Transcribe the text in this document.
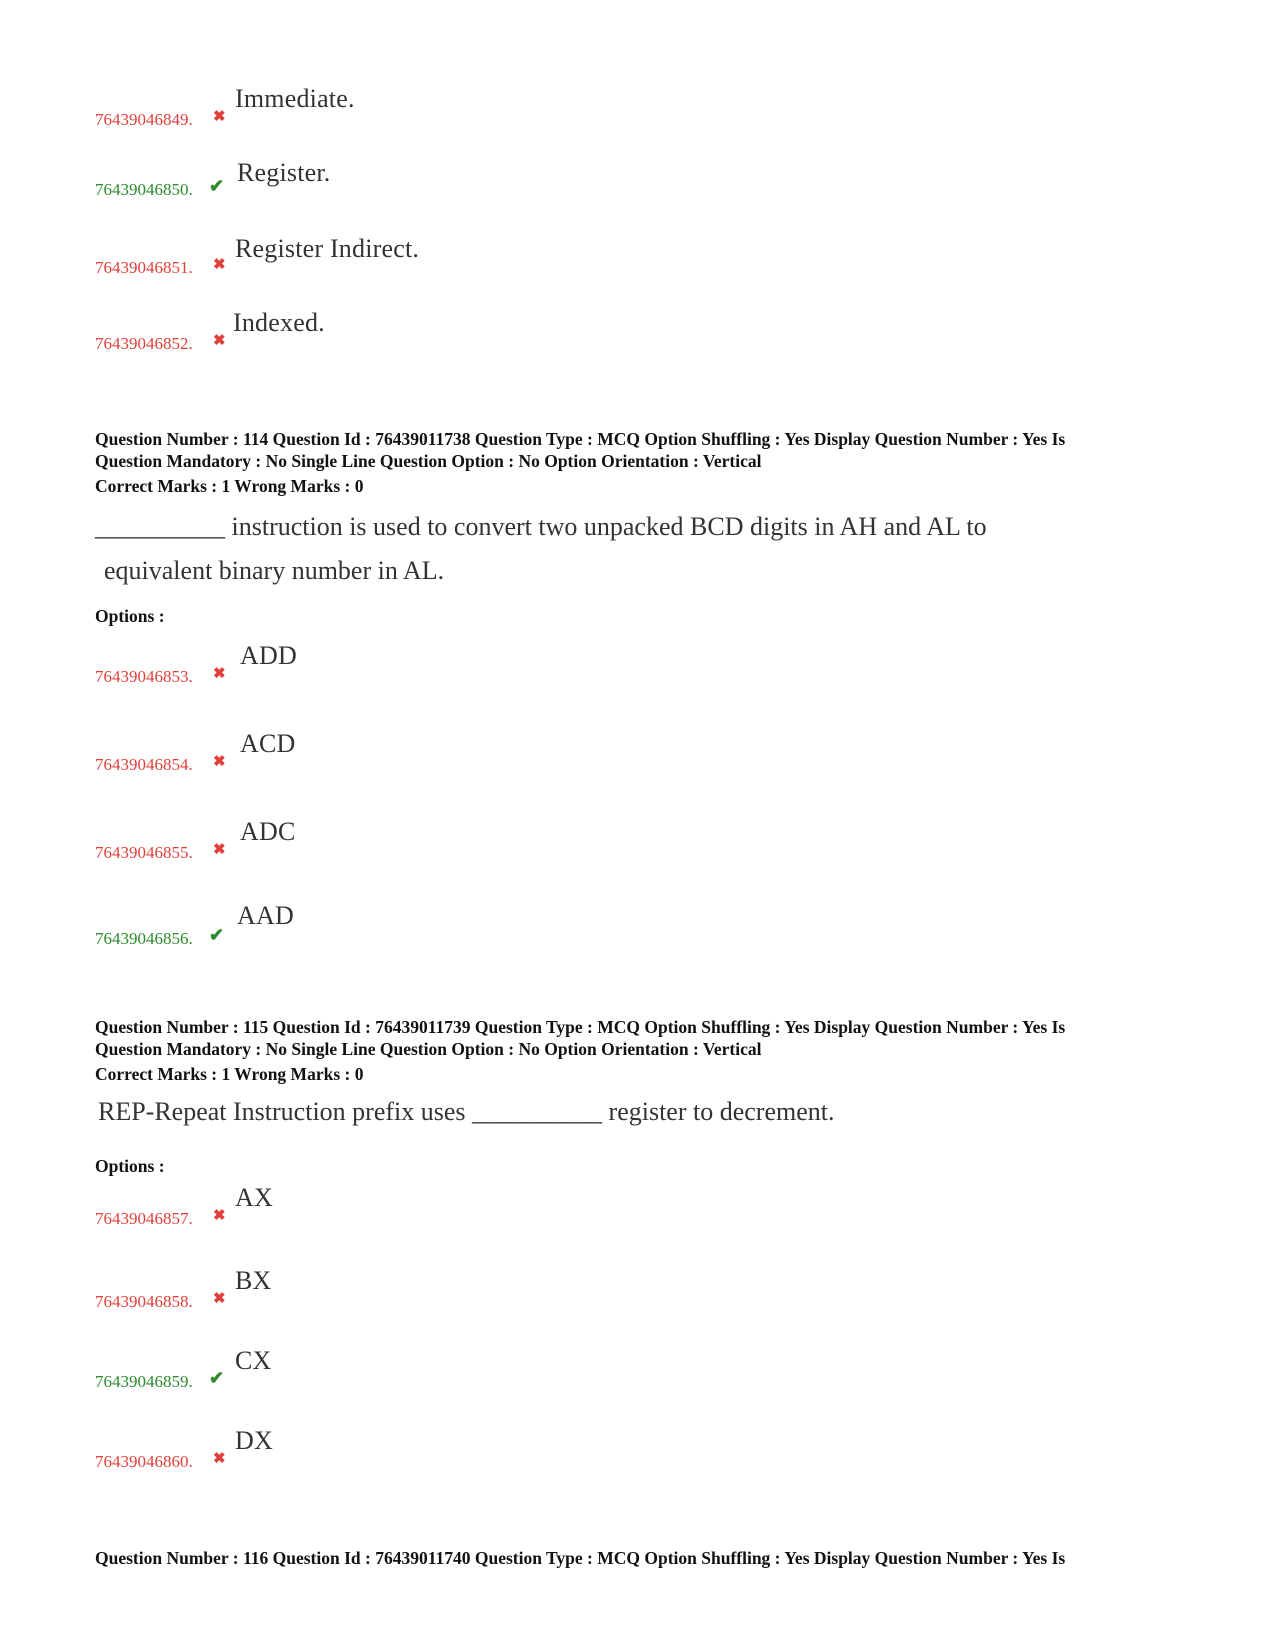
76439046849. ✖
Immediate.
76439046850. ✔ Register.
76439046851. ✖
Register Indirect.
76439046852. ✖
Indexed.
Question Number : 114 Question Id : 76439011738 Question Type : MCQ Option Shuffling : Yes Display Question Number : Yes Is
Question Mandatory : No Single Line Question Option : No Option Orientation : Vertical
Correct Marks : 1 Wrong Marks : 0
__________ instruction is used to convert two unpacked BCD digits in AH and AL to
equivalent binary number in AL.
Options :
76439046853. ✖
ADD
76439046854. ✖
ACD
76439046855. ✖
ADC
76439046856. ✔
AAD
Question Number : 115 Question Id : 76439011739 Question Type : MCQ Option Shuffling : Yes Display Question Number : Yes Is
Question Mandatory : No Single Line Question Option : No Option Orientation : Vertical
Correct Marks : 1 Wrong Marks : 0
REP-Repeat Instruction prefix uses __________ register to decrement.
Options :
76439046857. ✖
AX
76439046858. ✖
BX
76439046859. ✔
CX
76439046860. ✖
DX
Question Number : 116 Question Id : 76439011740 Question Type : MCQ Option Shuffling : Yes Display Question Number : Yes Is
